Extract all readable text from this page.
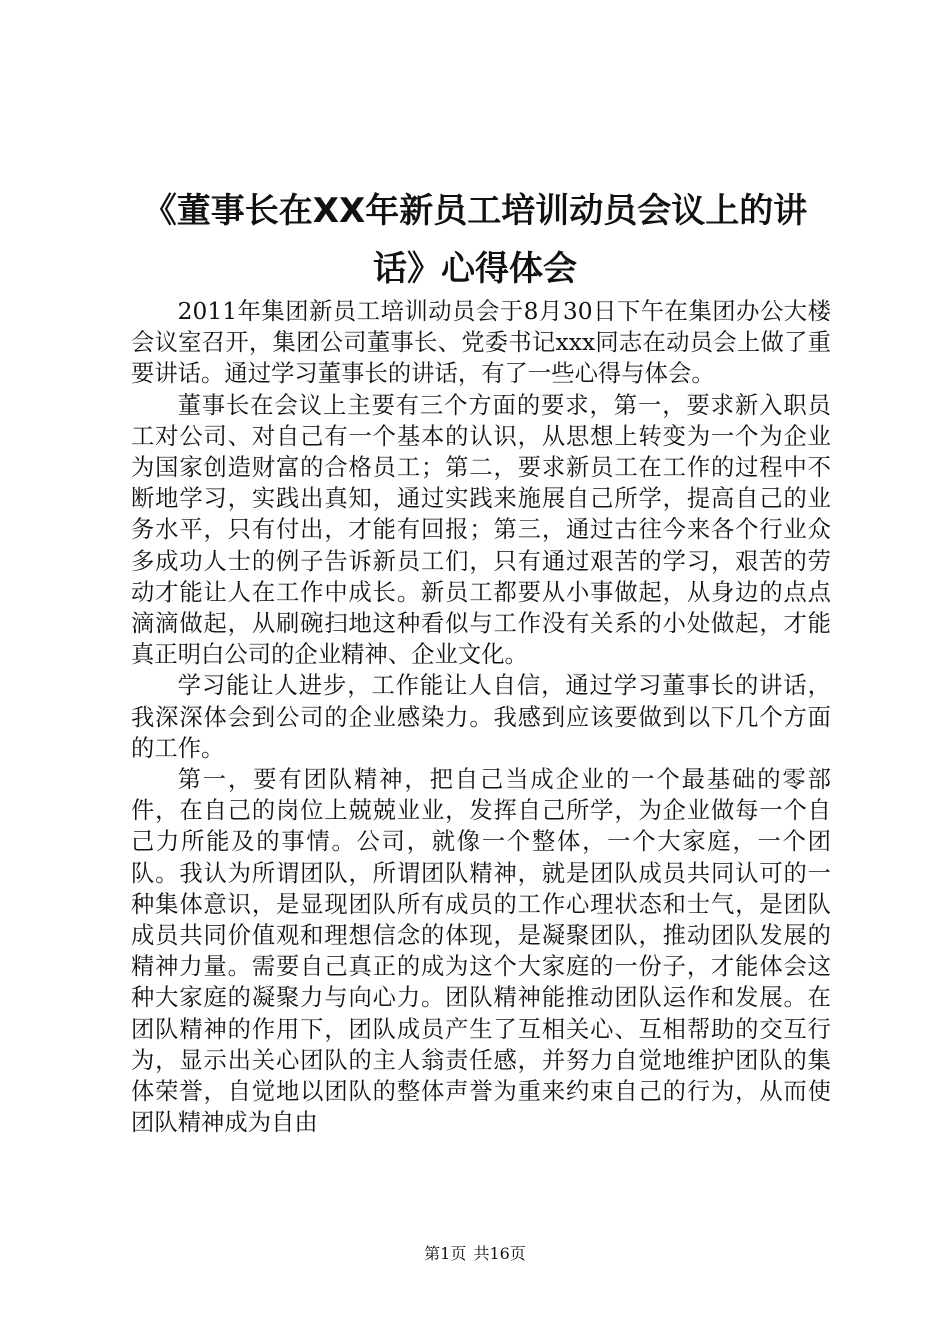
《董事长在XX年新员工培训动员会议上的讲话》心得体会

2011年集团新员工培训动员会于8月30日下午在集团办公大楼会议室召开，集团公司董事长、党委书记xxx同志在动员会上做了重要讲话。通过学习董事长的讲话，有了一些心得与体会。

董事长在会议上主要有三个方面的要求，第一，要求新入职员工对公司、对自己有一个基本的认识，从思想上转变为一个为企业为国家创造财富的合格员工；第二，要求新员工在工作的过程中不断地学习，实践出真知，通过实践来施展自己所学，提高自己的业务水平，只有付出，才能有回报；第三，通过古往今来各个行业众多成功人士的例子告诉新员工们，只有通过艰苦的学习，艰苦的劳动才能让人在工作中成长。新员工都要从小事做起，从身边的点点滴滴做起，从刷碗扫地这种看似与工作没有关系的小处做起，才能真正明白公司的企业精神、企业文化。

学习能让人进步，工作能让人自信，通过学习董事长的讲话，我深深体会到公司的企业感染力。我感到应该要做到以下几个方面的工作。

第一，要有团队精神，把自己当成企业的一个最基础的零部件，在自己的岗位上兢兢业业，发挥自己所学，为企业做每一个自己力所能及的事情。公司，就像一个整体，一个大家庭，一个团队。我认为所谓团队，所谓团队精神，就是团队成员共同认可的一种集体意识，是显现团队所有成员的工作心理状态和士气，是团队成员共同价值观和理想信念的体现，是凝聚团队，推动团队发展的精神力量。需要自己真正的成为这个大家庭的一份子，才能体会这种大家庭的凝聚力与向心力。团队精神能推动团队运作和发展。在团队精神的作用下，团队成员产生了互相关心、互相帮助的交互行为，显示出关心团队的主人翁责任感，并努力自觉地维护团队的集体荣誉，自觉地以团队的整体声誉为重来约束自己的行为，从而使团队精神成为自由

第1页 共16页
